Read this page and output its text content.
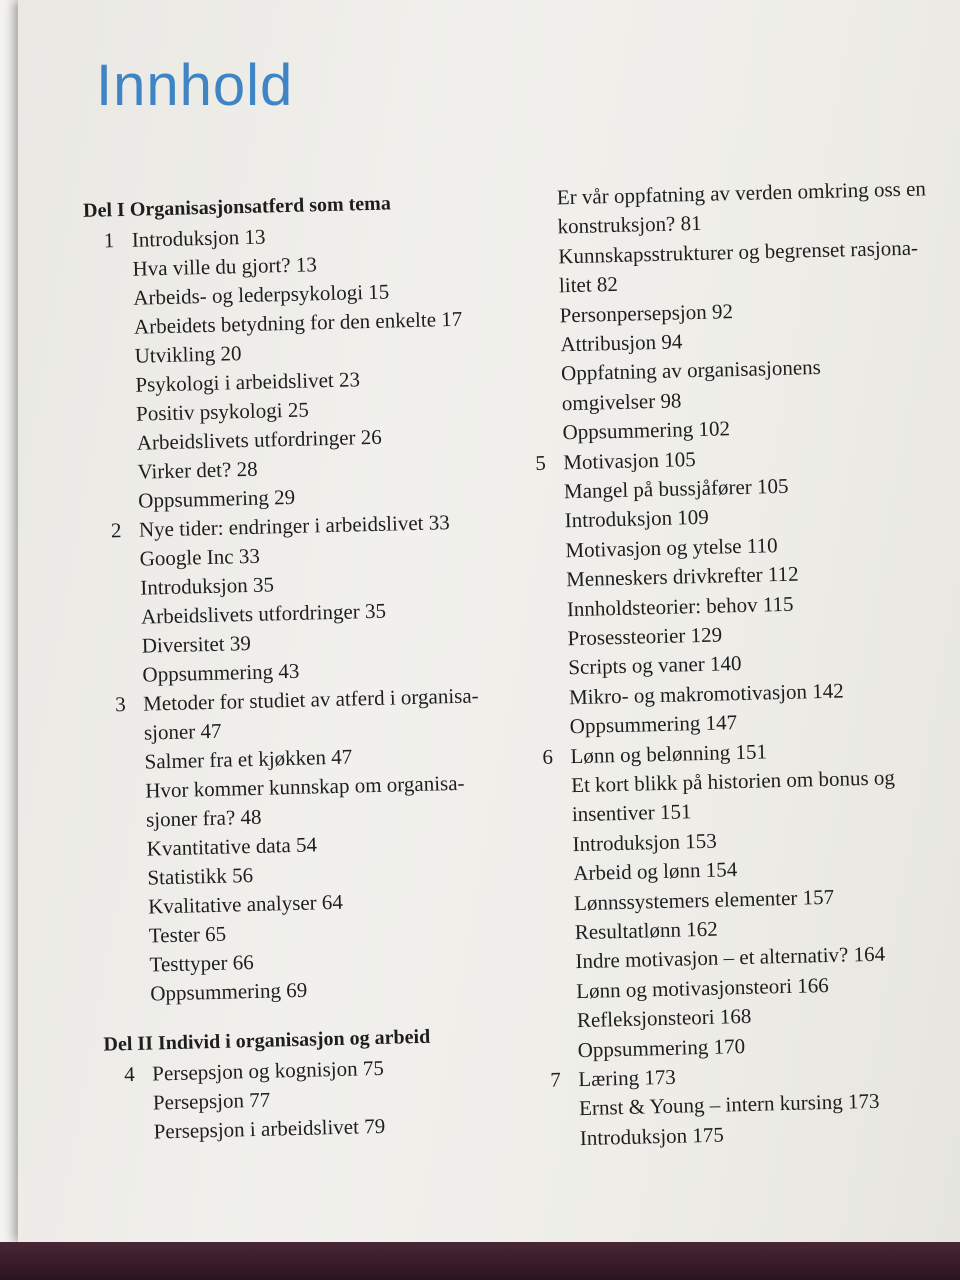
Innhold
Del I Organisasjonsatferd som tema
Introduksjon 13
1
Hva ville du gjort? 13
Arbeids- og lederpsykologi 15
Arbeidets betydning for den enkelte 17
Utvikling 20
Psykologi i arbeidslivet 23
Positiv psykologi 25
Arbeidslivets utfordringer 26
Virker det? 28
Oppsummering 29
Nye tider: endringer i arbeidslivet 33
2
Google Inc 33
Introduksjon 35
Arbeidslivets utfordringer 35
Diversitet 39
Oppsummering 43
Metoder for studiet av atferd i organisa-
3
sjoner 47
Salmer fra et kjøkken 47
Hvor kommer kunnskap om organisa-
sjoner fra? 48
Kvantitative data 54
Statistikk 56
Kvalitative analyser 64
Tester 65
Testtyper 66
Oppsummering 69
Del II Individ i organisasjon og arbeid
Persepsjon og kognisjon 75
4
Persepsjon 77
Persepsjon i arbeidslivet 79
Er vår oppfatning av verden omkring oss en
konstruksjon? 81
Kunnskapsstrukturer og begrenset rasjona-
litet 82
Personpersepsjon 92
Attribusjon 94
Oppfatning av organisasjonens
omgivelser 98
Oppsummering 102
Motivasjon 105
5
Mangel på bussjåfører 105
Introduksjon 109
Motivasjon og ytelse 110
Menneskers drivkrefter 112
Innholdsteorier: behov 115
Prosessteorier 129
Scripts og vaner 140
Mikro- og makromotivasjon 142
Oppsummering 147
Lønn og belønning 151
6
Et kort blikk på historien om bonus og
insentiver 151
Introduksjon 153
Arbeid og lønn 154
Lønnssystemers elementer 157
Resultatlønn 162
Indre motivasjon – et alternativ? 164
Lønn og motivasjonsteori 166
Refleksjonsteori 168
Oppsummering 170
Læring 173
7
Ernst & Young – intern kursing 173
Introduksjon 175
